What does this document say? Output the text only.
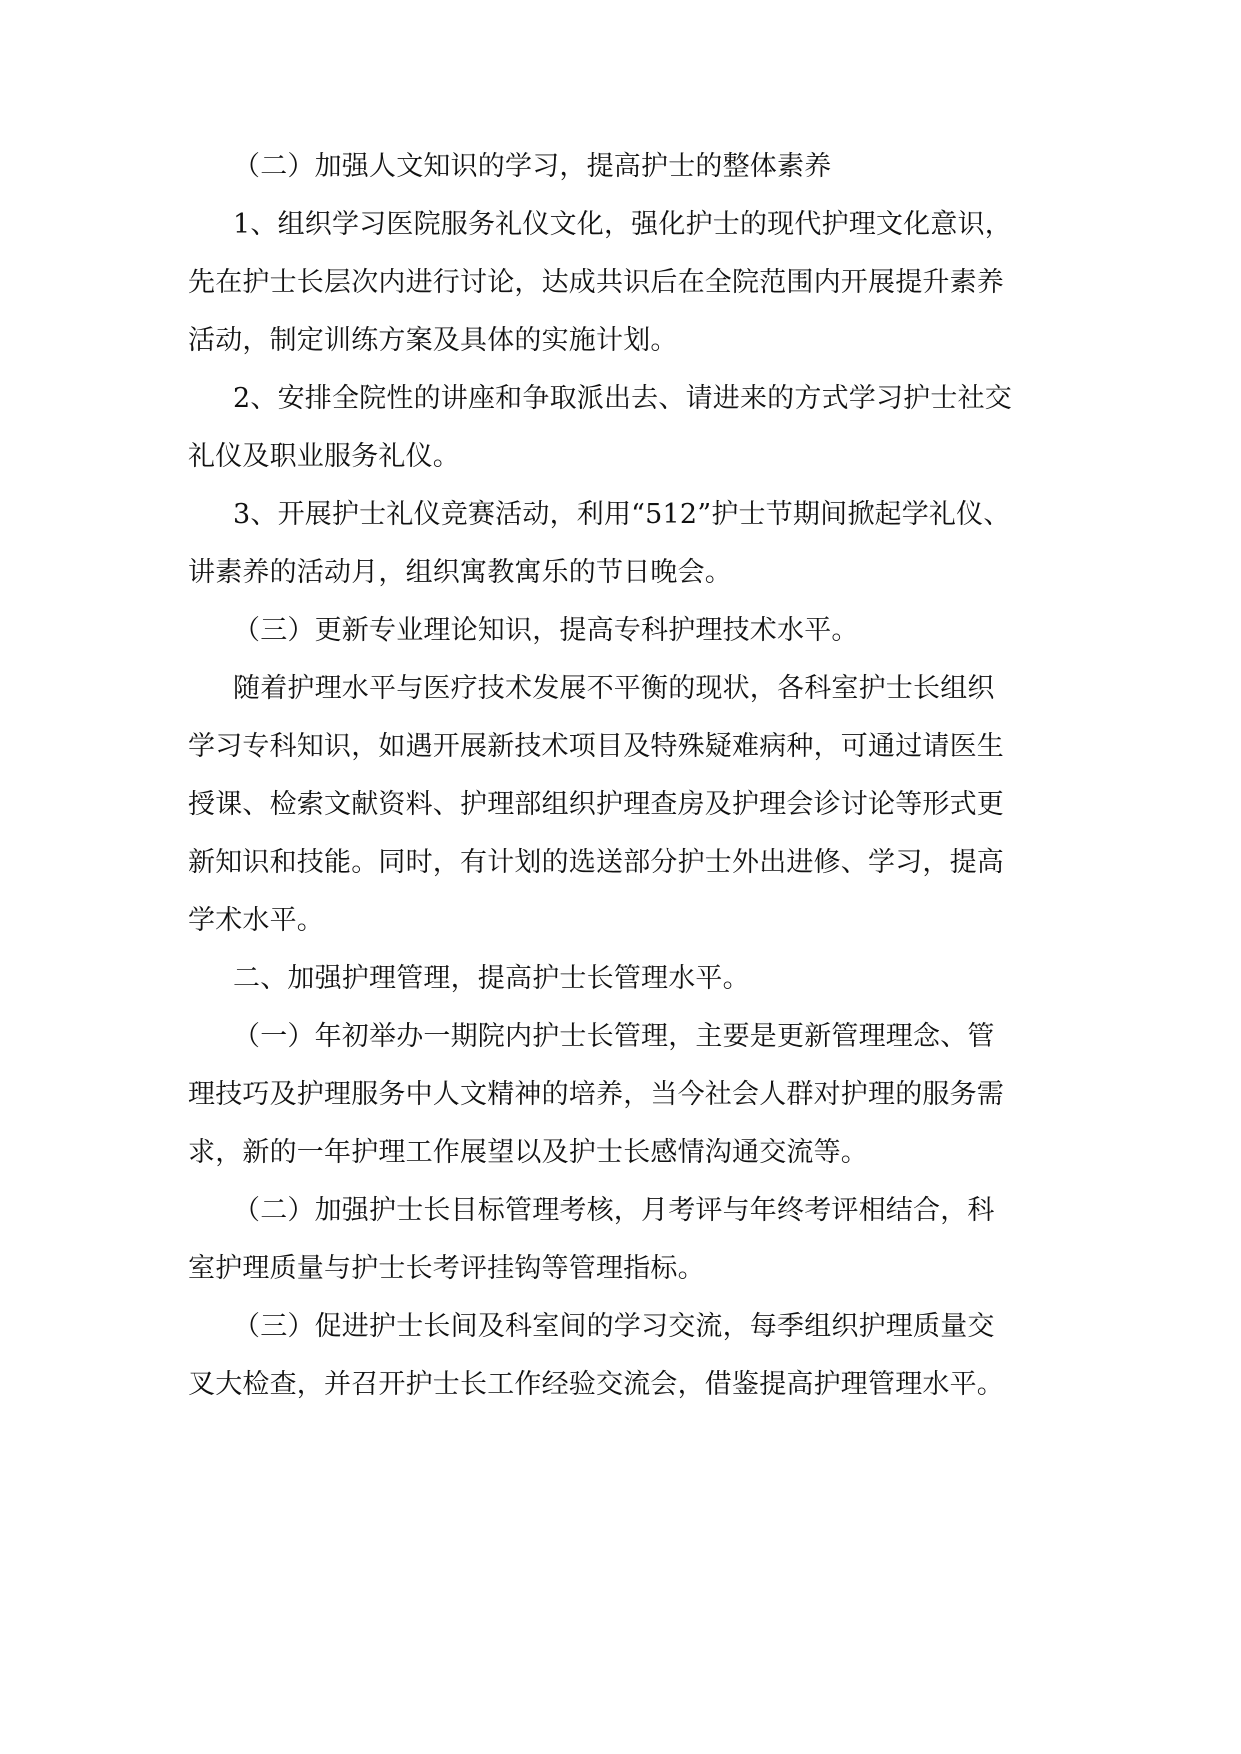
（二）加强人文知识的学习，提高护士的整体素养

1、组织学习医院服务礼仪文化，强化护士的现代护理文化意识，

先在护士长层次内进行讨论，达成共识后在全院范围内开展提升素养

活动，制定训练方案及具体的实施计划。

2、安排全院性的讲座和争取派出去、请进来的方式学习护士社交

礼仪及职业服务礼仪。

3、开展护士礼仪竞赛活动，利用“512”护士节期间掀起学礼仪、

讲素养的活动月，组织寓教寓乐的节日晚会。

（三）更新专业理论知识，提高专科护理技术水平。

随着护理水平与医疗技术发展不平衡的现状，各科室护士长组织

学习专科知识，如遇开展新技术项目及特殊疑难病种，可通过请医生

授课、检索文献资料、护理部组织护理查房及护理会诊讨论等形式更

新知识和技能。同时，有计划的选送部分护士外出进修、学习，提高

学术水平。

二、加强护理管理，提高护士长管理水平。

（一）年初举办一期院内护士长管理，主要是更新管理理念、管

理技巧及护理服务中人文精神的培养，当今社会人群对护理的服务需

求，新的一年护理工作展望以及护士长感情沟通交流等。

（二）加强护士长目标管理考核，月考评与年终考评相结合，科

室护理质量与护士长考评挂钩等管理指标。

（三）促进护士长间及科室间的学习交流，每季组织护理质量交

叉大检查，并召开护士长工作经验交流会，借鉴提高护理管理水平。
